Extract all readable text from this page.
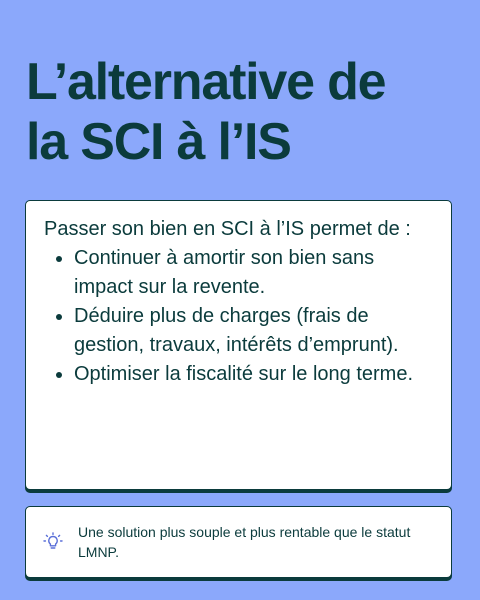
L’alternative de
la SCI à l’IS

Passer son bien en SCI à l’IS permet de :

Continuer à amortir son bien sans impact sur la revente.
Déduire plus de charges (frais de gestion, travaux, intérêts d’emprunt).
Optimiser la fiscalité sur le long terme.

Une solution plus souple et plus rentable que le statut LMNP.
